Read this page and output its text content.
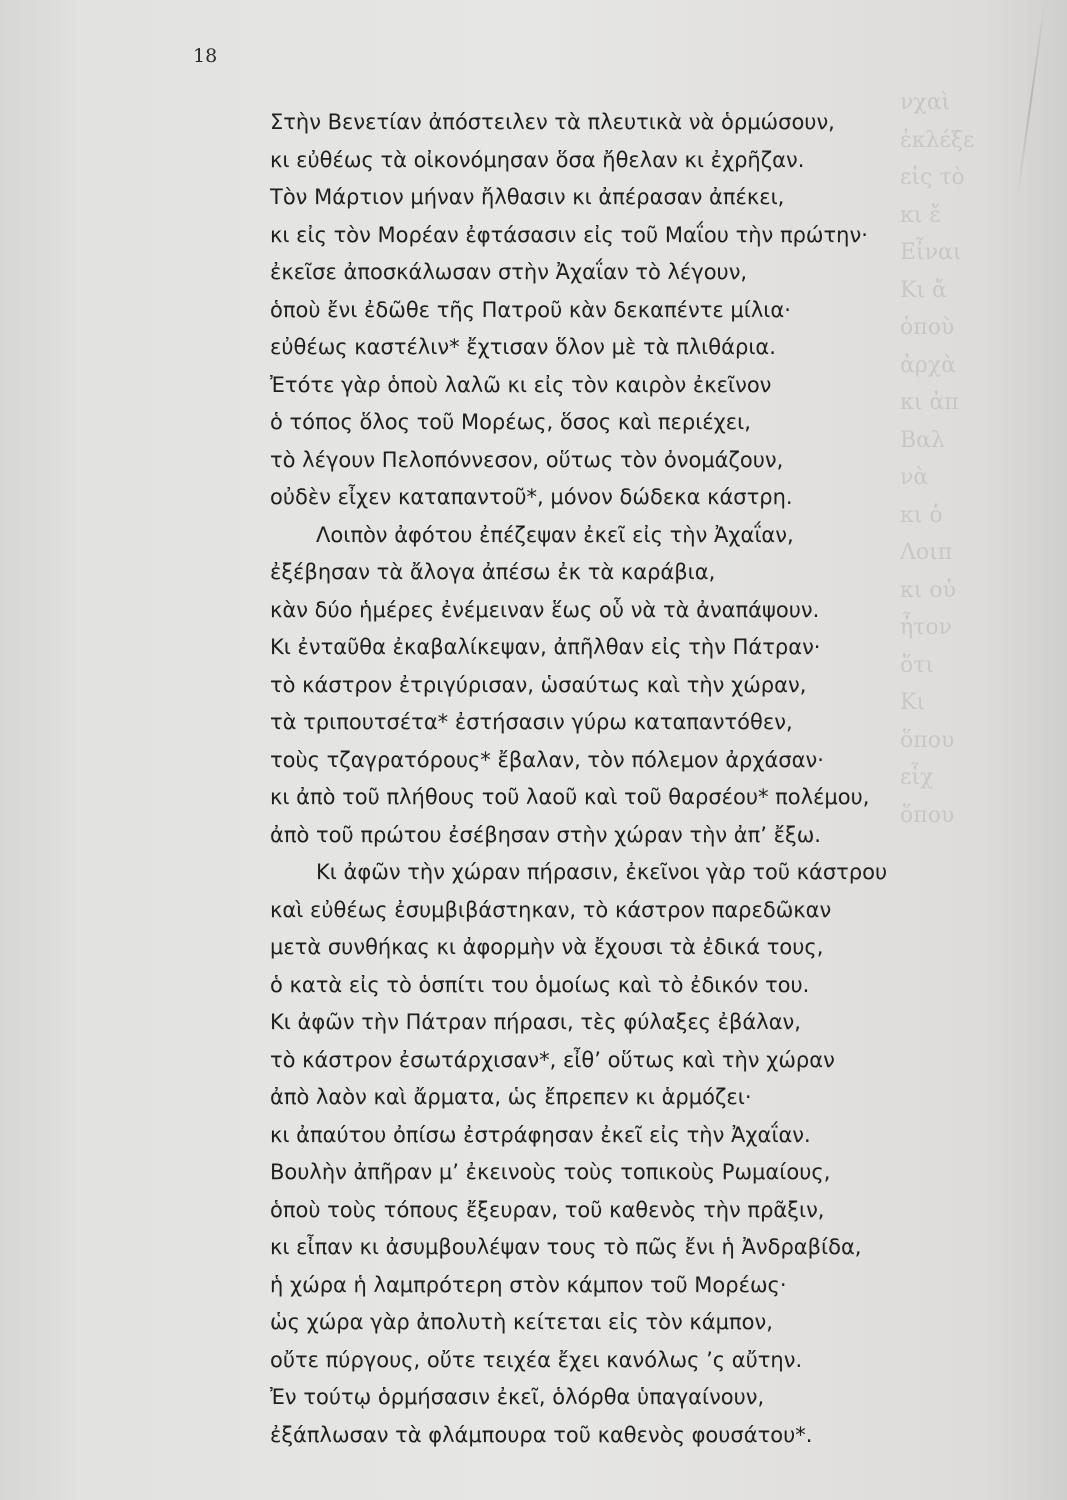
νχαὶ
ἐκλέξε
εἰς τὸ
κι ἔ
Εἶναι
Κι ἄ
ὁποὺ
ἀρχὰ
κι ἀπ
Βαλ
νὰ
κι ὁ
Λοιπ
κι οὐ
ἦτον
ὅτι
Κι
ὅπου
εἶχ
ὅπου
18
Στὴν Βενετίαν ἀπόστειλεν τὰ πλευτικὰ νὰ ὁρμώσουν,
κι εὐθέως τὰ οἰκονόμησαν ὅσα ἤθελαν κι ἐχρῆζαν.
Τὸν Μάρτιον μήναν ἤλθασιν κι ἀπέρασαν ἀπέκει,
κι εἰς τὸν Μορέαν ἐφτάσασιν εἰς τοῦ Μαΐου τὴν πρώτην·
ἐκεῖσε ἀποσκάλωσαν στὴν Ἀχαΐαν τὸ λέγουν,
ὁποὺ ἔνι ἐδῶθε τῆς Πατροῦ κὰν δεκαπέντε μίλια·
εὐθέως καστέλιν* ἔχτισαν ὅλον μὲ τὰ πλιθάρια.
Ἐτότε γὰρ ὁποὺ λαλῶ κι εἰς τὸν καιρὸν ἐκεῖνον
ὁ τόπος ὅλος τοῦ Μορέως, ὅσος καὶ περιέχει,
τὸ λέγουν Πελοπόννεσον, οὕτως τὸν ὀνομάζουν,
οὐδὲν εἶχεν καταπαντοῦ*, μόνον δώδεκα κάστρη.
Λοιπὸν ἀφότου ἐπέζεψαν ἐκεῖ εἰς τὴν Ἀχαΐαν,
ἐξέβησαν τὰ ἄλογα ἀπέσω ἐκ τὰ καράβια,
κὰν δύο ἡμέρες ἐνέμειναν ἕως οὗ νὰ τὰ ἀναπάψουν.
Κι ἐνταῦθα ἐκαβαλίκεψαν, ἀπῆλθαν εἰς τὴν Πάτραν·
τὸ κάστρον ἐτριγύρισαν, ὡσαύτως καὶ τὴν χώραν,
τὰ τριπουτσέτα* ἐστήσασιν γύρω καταπαντόθεν,
τοὺς τζαγρατόρους* ἔβαλαν, τὸν πόλεμον ἀρχάσαν·
κι ἀπὸ τοῦ πλήθους τοῦ λαοῦ καὶ τοῦ θαρσέου* πολέμου,
ἀπὸ τοῦ πρώτου ἐσέβησαν στὴν χώραν τὴν ἀπ’ ἔξω.
Κι ἀφῶν τὴν χώραν πήρασιν, ἐκεῖνοι γὰρ τοῦ κάστρου
καὶ εὐθέως ἐσυμβιβάστηκαν, τὸ κάστρον παρεδῶκαν
μετὰ συνθήκας κι ἀφορμὴν νὰ ἔχουσι τὰ ἐδικά τους,
ὁ κατὰ εἰς τὸ ὁσπίτι του ὁμοίως καὶ τὸ ἐδικόν του.
Κι ἀφῶν τὴν Πάτραν πήρασι, τὲς φύλαξες ἐβάλαν,
τὸ κάστρον ἐσωτάρχισαν*, εἶθ’ οὕτως καὶ τὴν χώραν
ἀπὸ λαὸν καὶ ἄρματα, ὡς ἔπρεπεν κι ἁρμόζει·
κι ἀπαύτου ὀπίσω ἐστράφησαν ἐκεῖ εἰς τὴν Ἀχαΐαν.
Βουλὴν ἀπῆραν μ’ ἐκεινοὺς τοὺς τοπικοὺς Ρωμαίους,
ὁποὺ τοὺς τόπους ἔξευραν, τοῦ καθενὸς τὴν πρᾶξιν,
κι εἶπαν κι ἀσυμβουλέψαν τους τὸ πῶς ἔνι ἡ Ἀνδραβίδα,
ἡ χώρα ἡ λαμπρότερη στὸν κάμπον τοῦ Μορέως·
ὡς χώρα γὰρ ἀπολυτὴ κείτεται εἰς τὸν κάμπον,
οὔτε πύργους, οὔτε τειχέα ἔχει κανόλως ’ς αὔτην.
Ἐν τούτῳ ὁρμήσασιν ἐκεῖ, ὁλόρθα ὑπαγαίνουν,
ἐξάπλωσαν τὰ φλάμπουρα τοῦ καθενὸς φουσάτου*.
